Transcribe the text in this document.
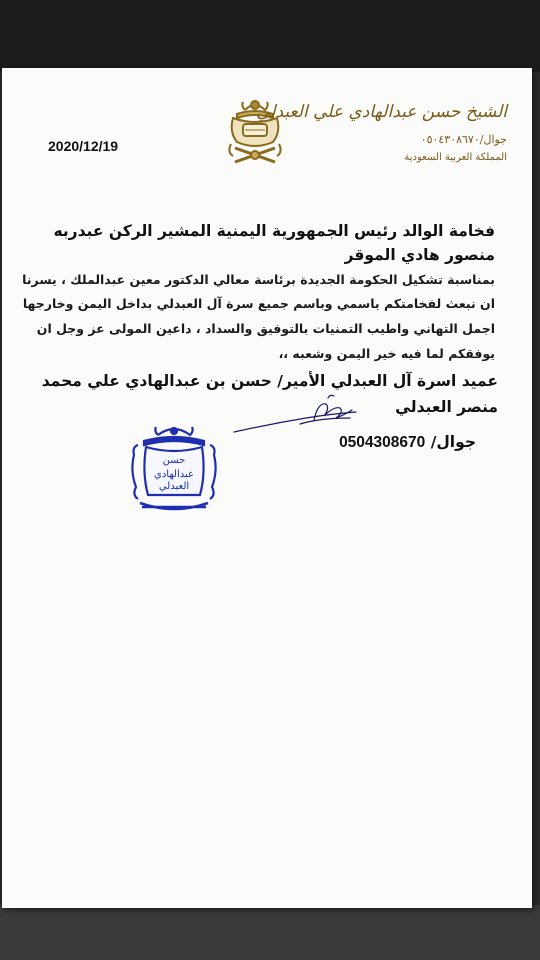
2020/12/19
الشيخ حسن عبدالهادي علي العبدلي
جوال/٠٥٠٤٣٠٨٦٧٠
المملكة العربية السعودية
فخامة الوالد رئيس الجمهورية اليمنية المشير الركن عبدربه
منصور هادي الموقر
بمناسبة تشكيل الحكومة الجديدة برئاسة معالي الدكتور معين عبدالملك ، يسرنا
ان نبعث لفخامتكم باسمي وباسم جميع سرة آل العبدلي بداخل اليمن وخارجها
اجمل التهاني واطيب التمنيات بالتوفيق والسداد ، داعين المولى عز وجل ان
يوفقكم لما فيه خير اليمن وشعبه ،،
عميد اسرة آل العبدلي الأمير/ حسن بن عبدالهادي علي محمد
منصر العبدلي
جوال/ 0504308670
حسن
عبدالهادي
العبدلي
